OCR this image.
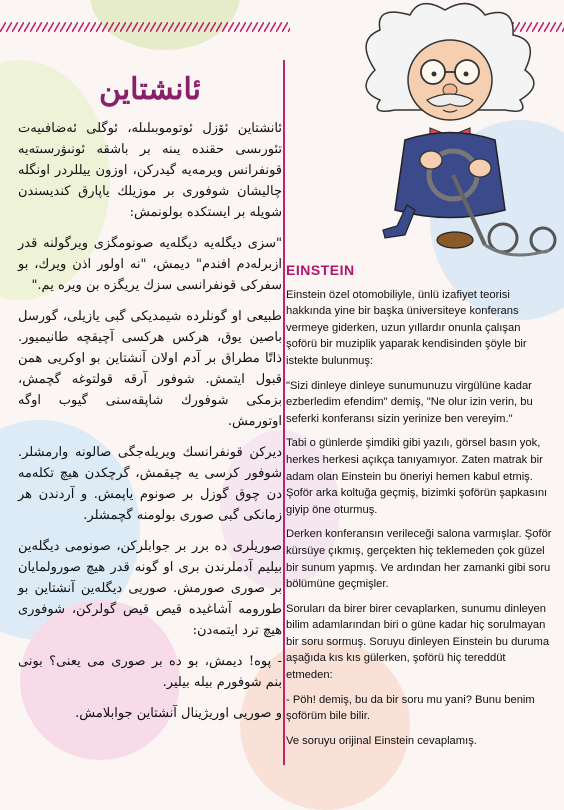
ئانشتاين

ئانشتاين ئۆزل ئوتوموبىلىلە، ئوگلى ئەضافىيەت تئورىسى حقنده يىنه بر باشقه ئونىۋرسىتەيە قونفرانس ويرمەيە گيدرکن، اوزون ييللردر اونگله چاليشان شوفورى بر موزيلك ياپارق کنديسندن شويله بر ايستکده بولونمش:

"سزى ديگلەيه ديگلەيه صونومگزى ويرگولنه قدر ازبرلەدم افندم" ديمش، "نه اولور اذن ويرك، بو سفرکى قونفرانسى سزك يريگزه بن ويره يم."

طبيعى او گونلرده شيمديکى گبى يازيلى، گورسل باصين يوق، هرکس هرکسى آچيقچه طانيميور. ذاتًا مطراق بر آدم اولان آنشتاين بو اوکريى همن قبول ايتمش. شوفور آرقه قولتوغه گچمش، بزمکى شوفورك شاپقەسنى گيوب اوگه اوتورمش.

ديرکن قونفرانسك ويريلەجگى صالونه وارمشلر. شوفور کرسى يه چيقمش، گرچکدن هيچ تکلەمه دن چوق گوزل بر صونوم ياپمش. و آردندن هر زمانکى گبى صورى بولومنه گچمشلر.

صوريلرى ده برر بر جوابلرکن، صونومى ديگلەين بيليم آدملرندن برى او گونه قدر هيچ صورولمايان بر صورى صورمش. صوريى ديگلەين آنشتاين بو طورومه آشاغيده قيص قيص گولرکن، شوفورى هيچ ترد ايتمەدن:

- پوه! ديمش، بو ده بر صورى مى يعنى؟ بونى بنم شوفورم بيله بيلير.

و صوريى اوريژينال آنشتاين جوابلامش.

EINSTEIN

Einstein özel otomobiliyle, ünlü izafiyet teorisi hakkında yine bir başka üniversiteye konferans vermeye giderken, uzun yıllardır onunla çalışan şoförü bir muziplik yaparak kendisinden şöyle bir istekte bulunmuş:

"Sizi dinleye dinleye sunumunuzu virgülüne kadar ezberledim efendim" demiş, "Ne olur izin verin, bu seferki konferansı sizin yerinize ben vereyim."

Tabi o günlerde şimdiki gibi yazılı, görsel basın yok, herkes herkesi açıkça tanıyamıyor. Zaten matrak bir adam olan Einstein bu öneriyi hemen kabul etmiş. Şoför arka koltuğa geçmiş, bizimki şoförün şapkasını giyip öne oturmuş.

Derken konferansın verileceği salona varmışlar. Şoför kürsüye çıkmış, gerçekten hiç teklemeden çok güzel bir sunum yapmış. Ve ardından her zamanki gibi soru bölümüne geçmişler.

Soruları da birer birer cevaplarken, sunumu dinleyen bilim adamlarından biri o güne kadar hiç sorulmayan bir soru sormuş. Soruyu dinleyen Einstein bu duruma aşağıda kıs kıs gülerken, şoförü hiç tereddüt etmeden:

- Pöh! demiş, bu da bir soru mu yani? Bunu benim şoförüm bile bilir.

Ve soruyu orijinal Einstein cevaplamış.
